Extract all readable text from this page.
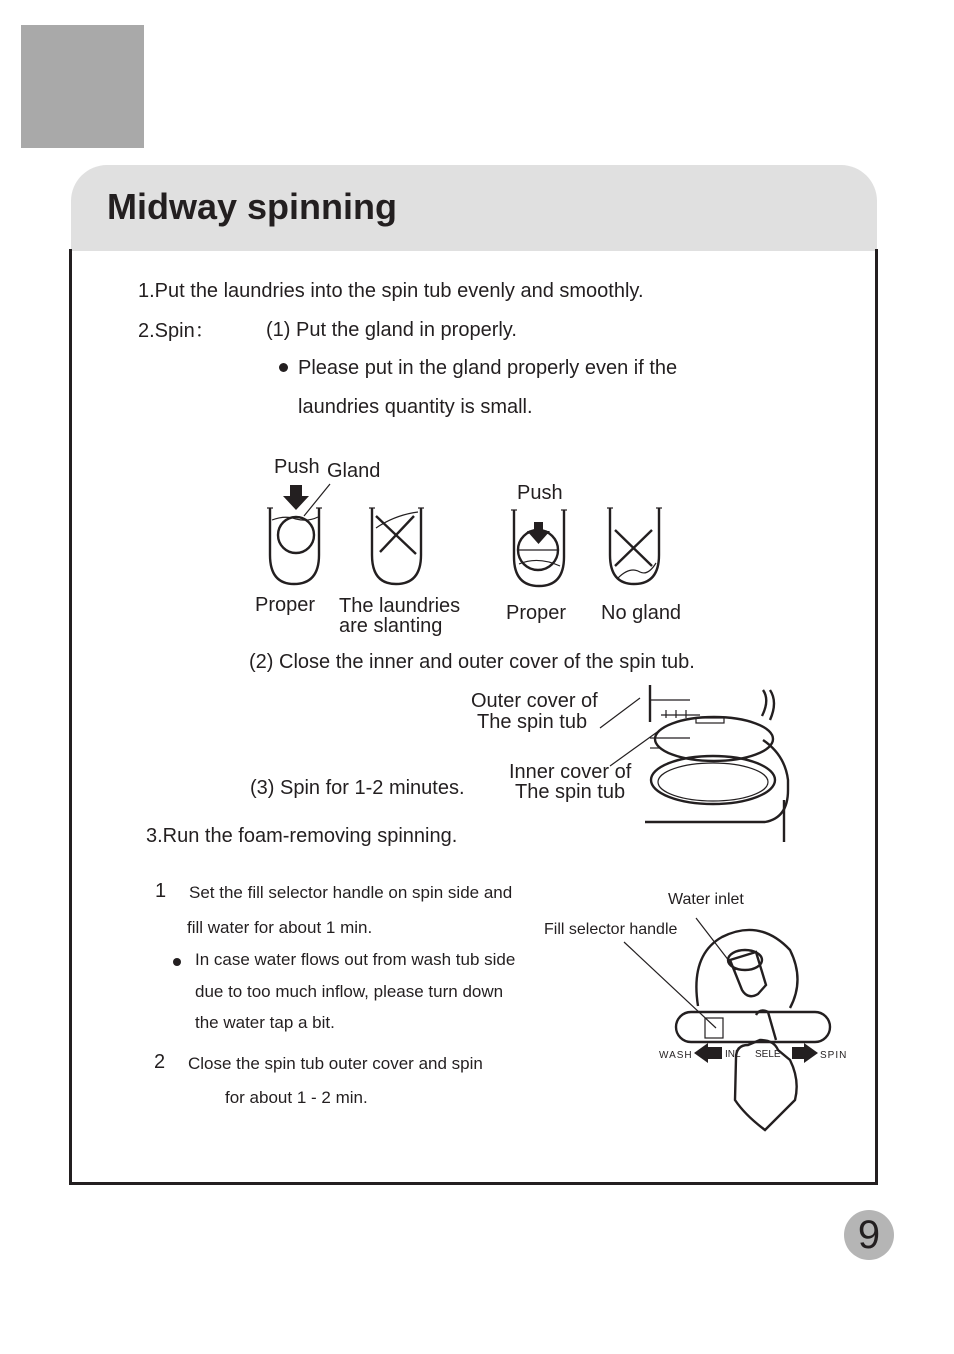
Midway spinning
1.Put the laundries into the spin tub evenly and smoothly.
2.Spin：	(1) Put the gland in properly.
Please put in the gland properly even if the
laundries quantity is small.
Push Gland
Push
Proper The laundries
are slanting
Proper No gland
(2) Close the inner and outer cover of the spin tub.
Outer cover of
The spin tub
Inner cover of
The spin tub
(3) Spin for 1-2 minutes.
3.Run the foam-removing spinning.
1 Set the fill selector handle on spin side and
fill water for about 1 min.
In case water flows out from wash tub side
due to too much inflow, please turn down
the water tap a bit.
2 Close the spin tub outer cover and spin
for about 1 - 2 min.
Water inlet
Fill selector handle
WASH	INL SELE	SPIN
9
